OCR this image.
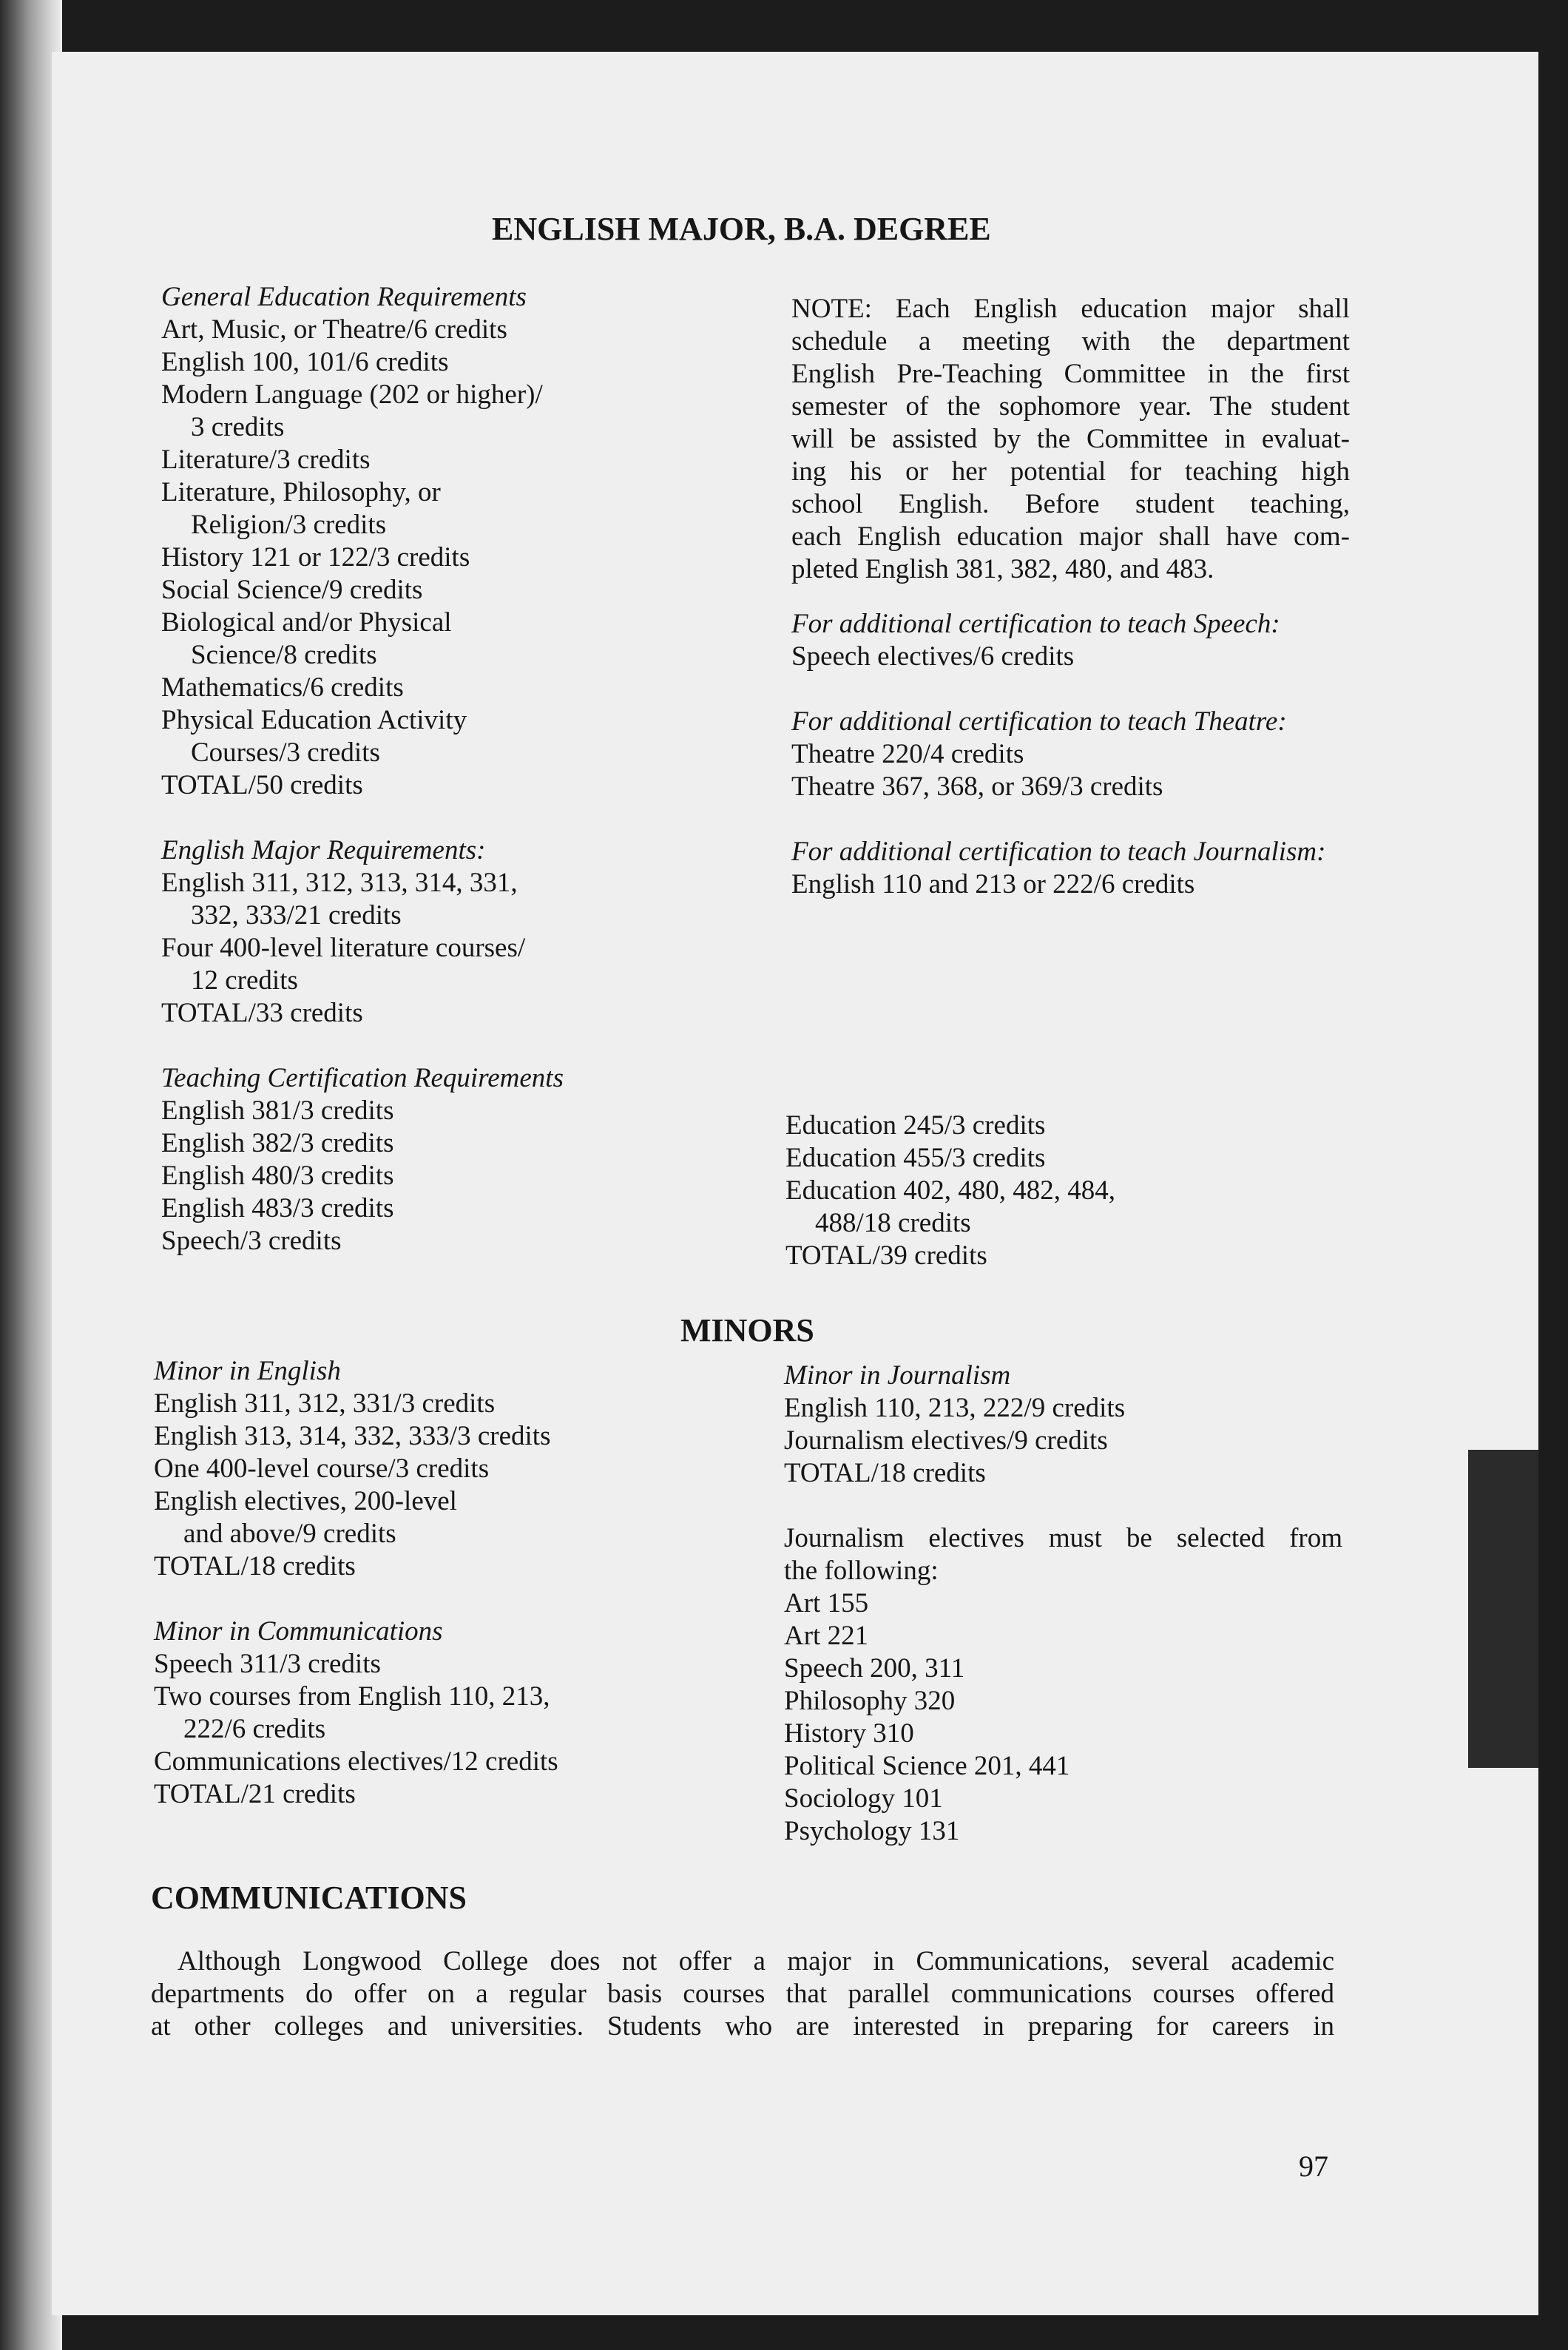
ENGLISH MAJOR, B.A. DEGREE
General Education Requirements
Art, Music, or Theatre/6 credits
English 100, 101/6 credits
Modern Language (202 or higher)/
3 credits
Literature/3 credits
Literature, Philosophy, or
Religion/3 credits
History 121 or 122/3 credits
Social Science/9 credits
Biological and/or Physical
Science/8 credits
Mathematics/6 credits
Physical Education Activity
Courses/3 credits
TOTAL/50 credits
English Major Requirements:
English 311, 312, 313, 314, 331,
332, 333/21 credits
Four 400-level literature courses/
12 credits
TOTAL/33 credits
Teaching Certification Requirements
English 381/3 credits
English 382/3 credits
English 480/3 credits
English 483/3 credits
Speech/3 credits
NOTE: Each English education major shall
schedule a meeting with the department
English Pre-Teaching Committee in the first
semester of the sophomore year. The student
will be assisted by the Committee in evaluat-
ing his or her potential for teaching high
school English. Before student teaching,
each English education major shall have com-
pleted English 381, 382, 480, and 483.
For additional certification to teach Speech:
Speech electives/6 credits
For additional certification to teach Theatre:
Theatre 220/4 credits
Theatre 367, 368, or 369/3 credits
For additional certification to teach Journalism:
English 110 and 213 or 222/6 credits
Education 245/3 credits
Education 455/3 credits
Education 402, 480, 482, 484,
488/18 credits
TOTAL/39 credits
MINORS
Minor in English
English 311, 312, 331/3 credits
English 313, 314, 332, 333/3 credits
One 400-level course/3 credits
English electives, 200-level
and above/9 credits
TOTAL/18 credits
Minor in Communications
Speech 311/3 credits
Two courses from English 110, 213,
222/6 credits
Communications electives/12 credits
TOTAL/21 credits
Minor in Journalism
English 110, 213, 222/9 credits
Journalism electives/9 credits
TOTAL/18 credits
Journalism electives must be selected from
the following:
Art 155
Art 221
Speech 200, 311
Philosophy 320
History 310
Political Science 201, 441
Sociology 101
Psychology 131
COMMUNICATIONS
Although Longwood College does not offer a major in Communications, several academic
departments do offer on a regular basis courses that parallel communications courses offered
at other colleges and universities. Students who are interested in preparing for careers in
97
